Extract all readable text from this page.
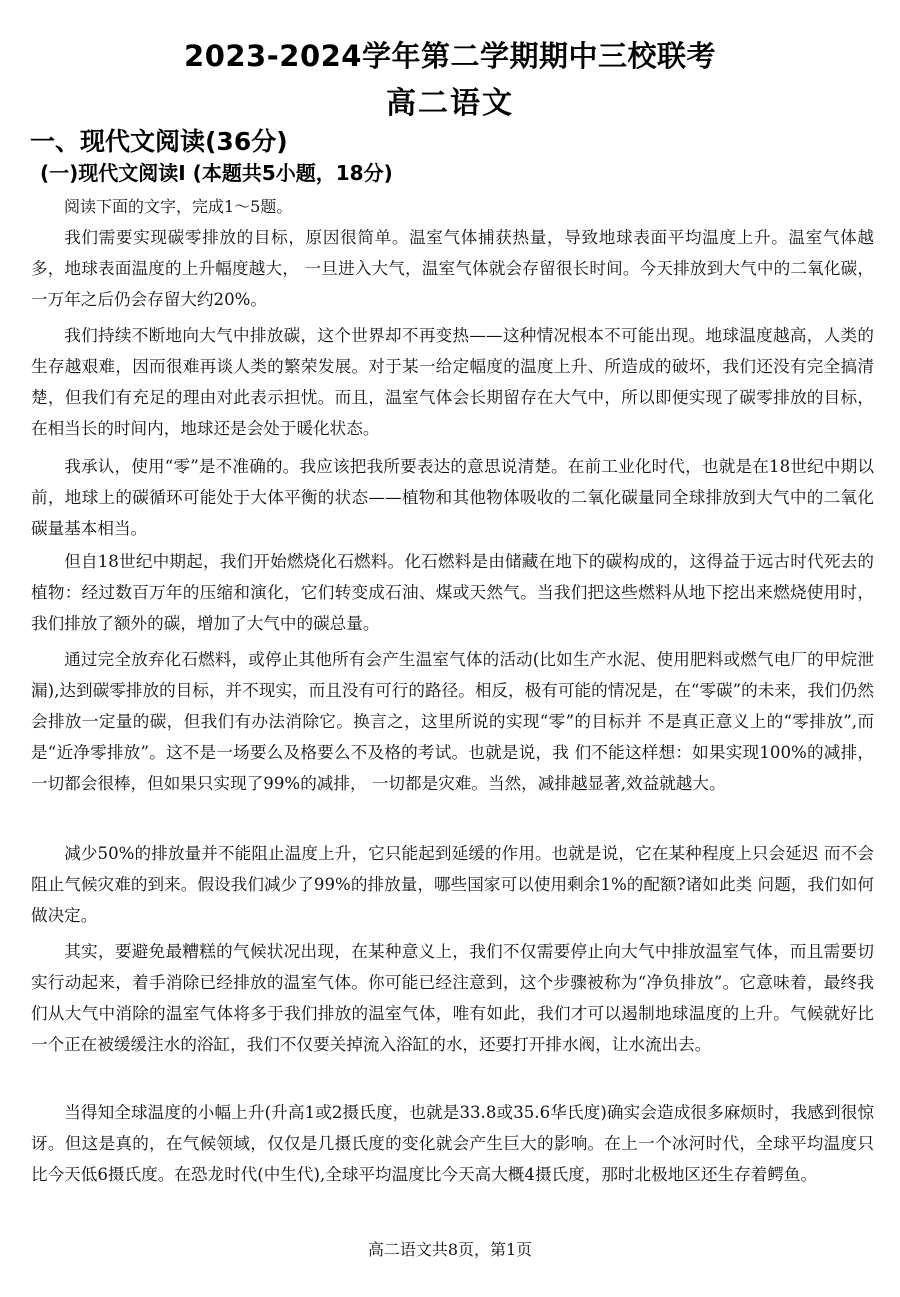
2023-2024学年第二学期期中三校联考
高二语文
一、现代文阅读(36分)
(一)现代文阅读Ⅰ (本题共5小题，18分)
阅读下面的文字，完成1～5题。

我们需要实现碳零排放的目标，原因很简单。温室气体捕获热量，导致地球表面平均温度上升。温室气体越多，地球表面温度的上升幅度越大， 一旦进入大气，温室气体就会存留很长时间。今天排放到大气中的二氧化碳， 一万年之后仍会存留大约20%。

我们持续不断地向大气中排放碳，这个世界却不再变热——这种情况根本不可能出现。地球温度越高，人类的生存越艰难，因而很难再谈人类的繁荣发展。对于某一给定幅度的温度上升、所造成的破坏，我们还没有完全搞清楚，但我们有充足的理由对此表示担忧。而且，温室气体会长期留存在大气中，所以即便实现了碳零排放的目标，在相当长的时间内，地球还是会处于暖化状态。

我承认，使用“零”是不准确的。我应该把我所要表达的意思说清楚。在前工业化时代，也就是在18世纪中期以前，地球上的碳循环可能处于大体平衡的状态——植物和其他物体吸收的二氧化碳量同全球排放到大气中的二氧化碳量基本相当。

但自18世纪中期起，我们开始燃烧化石燃料。化石燃料是由储藏在地下的碳构成的，这得益于远古时代死去的植物：经过数百万年的压缩和演化，它们转变成石油、煤或天然气。当我们把这些燃料从地下挖出来燃烧使用时，我们排放了额外的碳，增加了大气中的碳总量。

通过完全放弃化石燃料，或停止其他所有会产生温室气体的活动(比如生产水泥、使用肥料或燃气电厂的甲烷泄漏),达到碳零排放的目标，并不现实，而且没有可行的路径。相反，极有可能的情况是，在“零碳”的未来，我们仍然会排放一定量的碳，但我们有办法消除它。换言之，这里所说的实现“零”的目标并 不是真正意义上的“零排放”,而是“近净零排放”。这不是一场要么及格要么不及格的考试。也就是说，我 们不能这样想：如果实现100%的减排， 一切都会很棒，但如果只实现了99%的减排， 一切都是灾难。当然，减排越显著,效益就越大。

减少50%的排放量并不能阻止温度上升，它只能起到延缓的作用。也就是说，它在某种程度上只会延迟 而不会阻止气候灾难的到来。假设我们减少了99%的排放量，哪些国家可以使用剩余1%的配额?诸如此类 问题，我们如何做决定。

其实，要避免最糟糕的气候状况出现，在某种意义上，我们不仅需要停止向大气中排放温室气体，而且需要切实行动起来，着手消除已经排放的温室气体。你可能已经注意到，这个步骤被称为“净负排放”。它意味着，最终我们从大气中消除的温室气体将多于我们排放的温室气体，唯有如此，我们才可以遏制地球温度的上升。气候就好比一个正在被缓缓注水的浴缸，我们不仅要关掉流入浴缸的水，还要打开排水阀，让水流出去。

当得知全球温度的小幅上升(升高1或2摄氏度，也就是33.8或35.6华氏度)确实会造成很多麻烦时，我感到很惊讶。但这是真的，在气候领域，仅仅是几摄氏度的变化就会产生巨大的影响。在上一个冰河时代，全球平均温度只比今天低6摄氏度。在恐龙时代(中生代),全球平均温度比今天高大概4摄氏度，那时北极地区还生存着鳄鱼。

高二语文共8页，第1页
